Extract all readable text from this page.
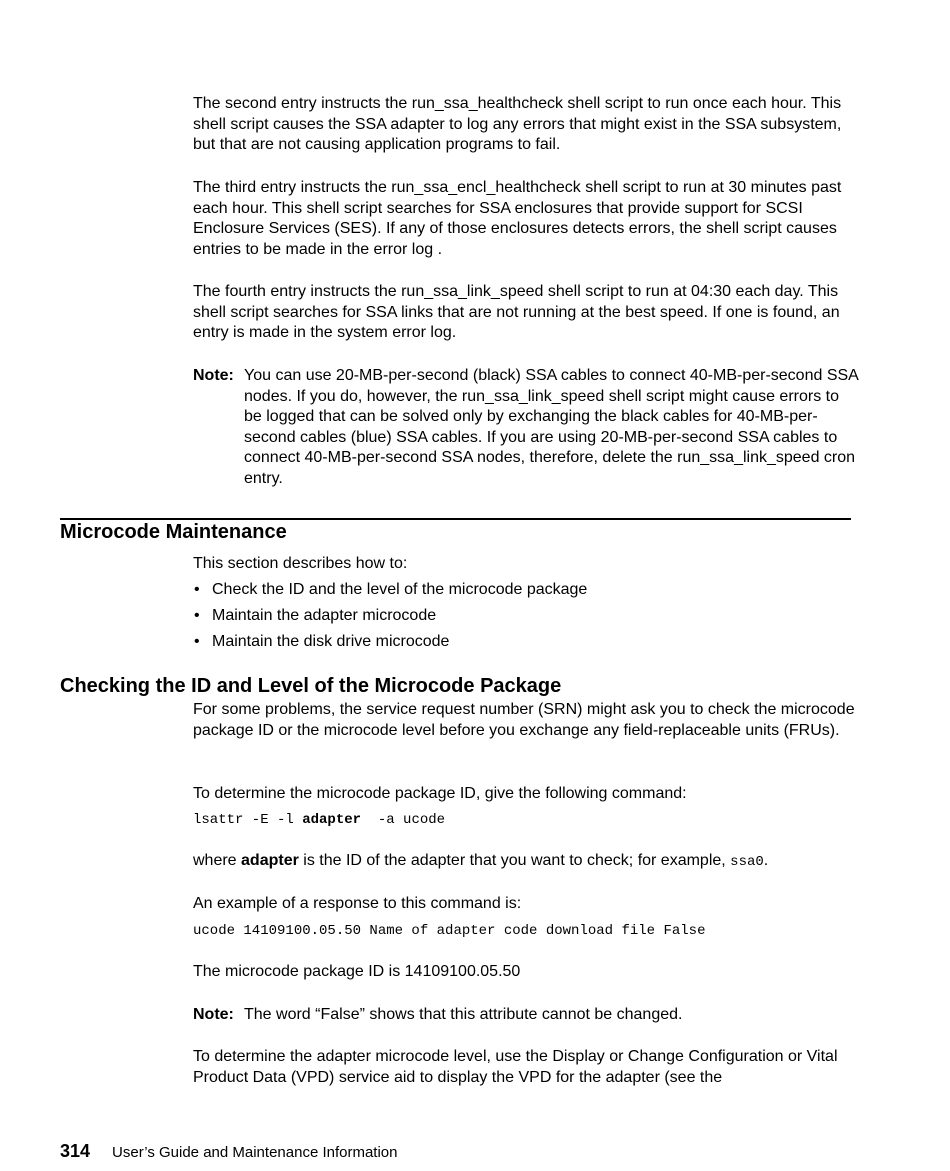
The second entry instructs the run_ssa_healthcheck shell script to run once each hour. This shell script causes the SSA adapter to log any errors that might exist in the SSA subsystem, but that are not causing application programs to fail.

The third entry instructs the run_ssa_encl_healthcheck shell script to run at 30 minutes past each hour. This shell script searches for SSA enclosures that provide support for SCSI Enclosure Services (SES). If any of those enclosures detects errors, the shell script causes entries to be made in the error log .

The fourth entry instructs the run_ssa_link_speed shell script to run at 04:30 each day. This shell script searches for SSA links that are not running at the best speed. If one is found, an entry is made in the system error log.

Note: You can use 20-MB-per-second (black) SSA cables to connect 40-MB-per-second SSA nodes. If you do, however, the run_ssa_link_speed shell script might cause errors to be logged that can be solved only by exchanging the black cables for 40-MB-per-second cables (blue) SSA cables. If you are using 20-MB-per-second SSA cables to connect 40-MB-per-second SSA nodes, therefore, delete the run_ssa_link_speed cron entry.
Microcode Maintenance

This section describes how to:

• Check the ID and the level of the microcode package
• Maintain the adapter microcode
• Maintain the disk drive microcode
Checking the ID and Level of the Microcode Package

For some problems, the service request number (SRN) might ask you to check the microcode package ID or the microcode level before you exchange any field-replaceable units (FRUs).

To determine the microcode package ID, give the following command:

lsattr -E -l adapter  -a ucode

where adapter is the ID of the adapter that you want to check; for example, ssa0.

An example of a response to this command is:

ucode 14109100.05.50 Name of adapter code download file False

The microcode package ID is 14109100.05.50

Note: The word “False” shows that this attribute cannot be changed.

To determine the adapter microcode level, use the Display or Change Configuration or Vital Product Data (VPD) service aid to display the VPD for the adapter (see the

314 User’s Guide and Maintenance Information
